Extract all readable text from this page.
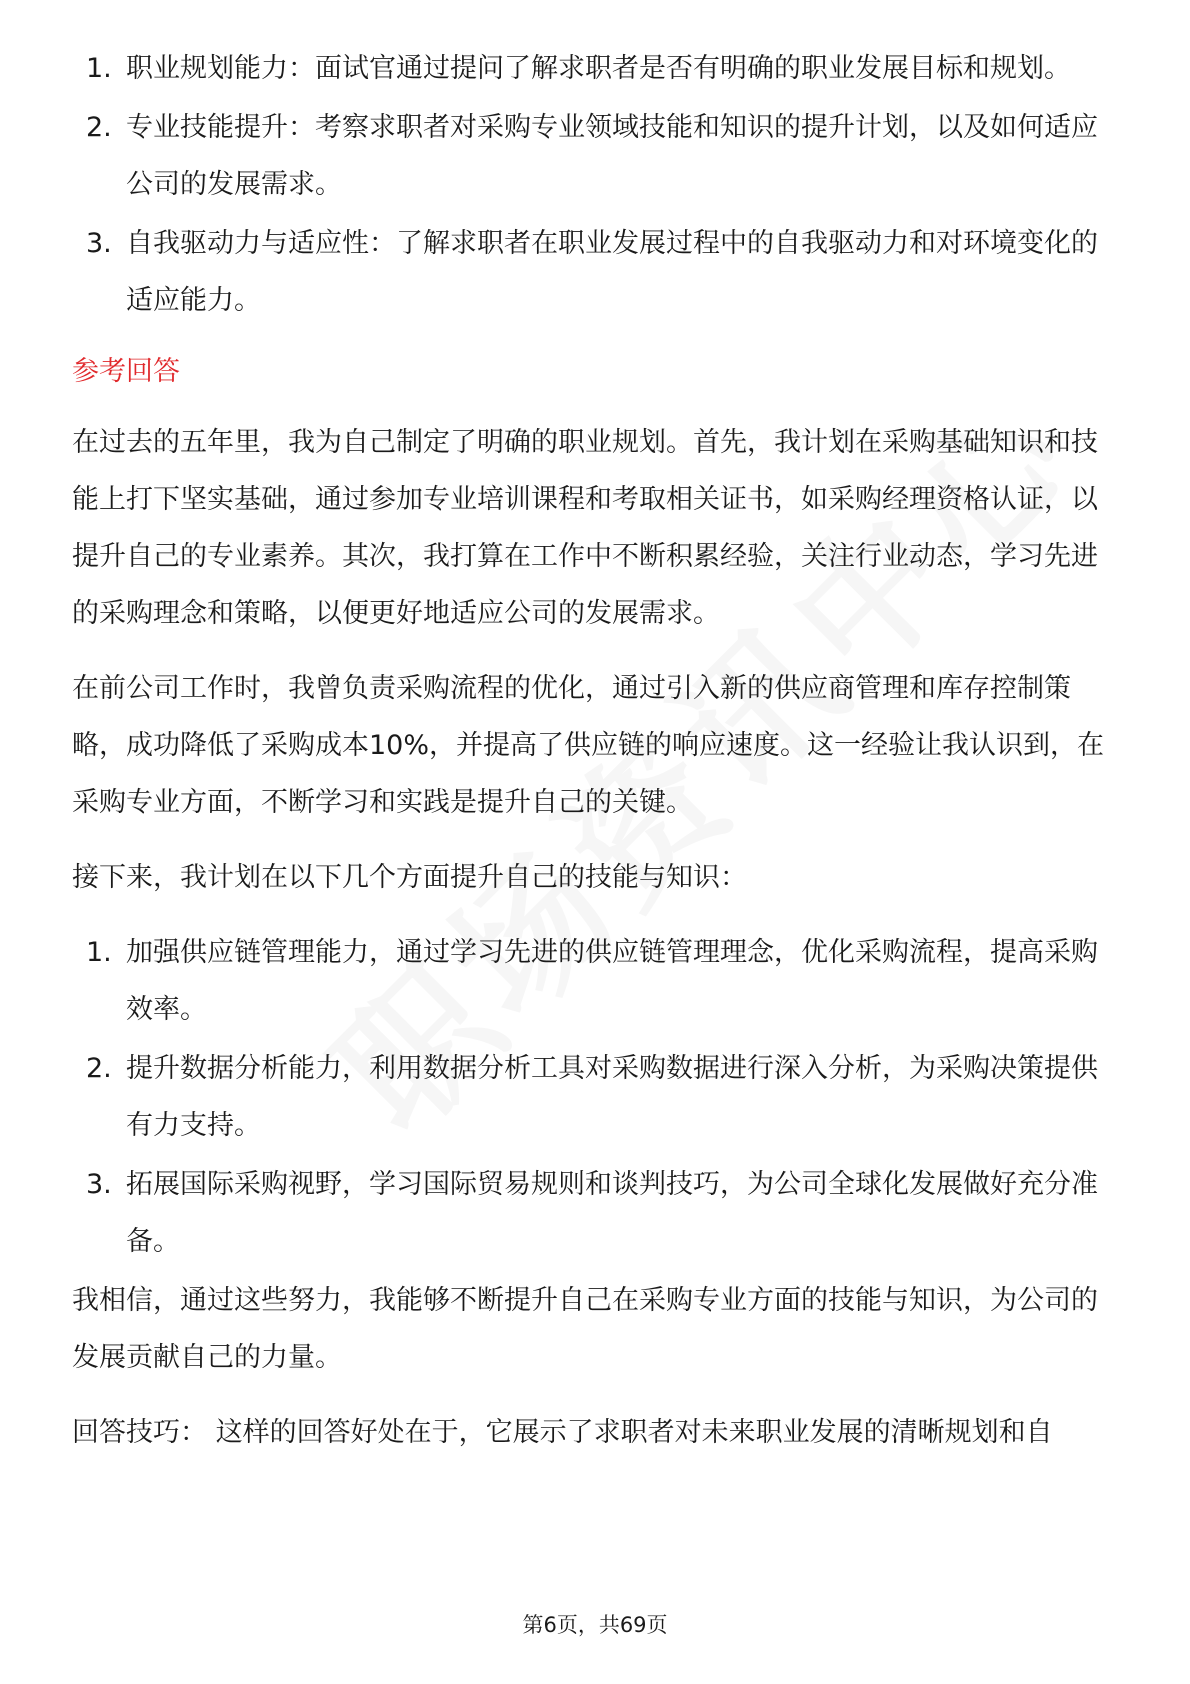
1. 职业规划能力：面试官通过提问了解求职者是否有明确的职业发展目标和规划。
2. 专业技能提升：考察求职者对采购专业领域技能和知识的提升计划，以及如何适应公司的发展需求。
3. 自我驱动力与适应性：了解求职者在职业发展过程中的自我驱动力和对环境变化的适应能力。
参考回答

在过去的五年里，我为自己制定了明确的职业规划。首先，我计划在采购基础知识和技能上打下坚实基础，通过参加专业培训课程和考取相关证书，如采购经理资格认证，以提升自己的专业素养。其次，我打算在工作中不断积累经验，关注行业动态，学习先进的采购理念和策略，以便更好地适应公司的发展需求。

在前公司工作时，我曾负责采购流程的优化，通过引入新的供应商管理和库存控制策略，成功降低了采购成本10%，并提高了供应链的响应速度。这一经验让我认识到，在采购专业方面，不断学习和实践是提升自己的关键。

接下来，我计划在以下几个方面提升自己的技能与知识：

1. 加强供应链管理能力，通过学习先进的供应链管理理念，优化采购流程，提高采购效率。
2. 提升数据分析能力，利用数据分析工具对采购数据进行深入分析，为采购决策提供有力支持。
3. 拓展国际采购视野，学习国际贸易规则和谈判技巧，为公司全球化发展做好充分准备。

我相信，通过这些努力，我能够不断提升自己在采购专业方面的技能与知识，为公司的发展贡献自己的力量。

回答技巧： 这样的回答好处在于，它展示了求职者对未来职业发展的清晰规划和自

第6页，共69页
